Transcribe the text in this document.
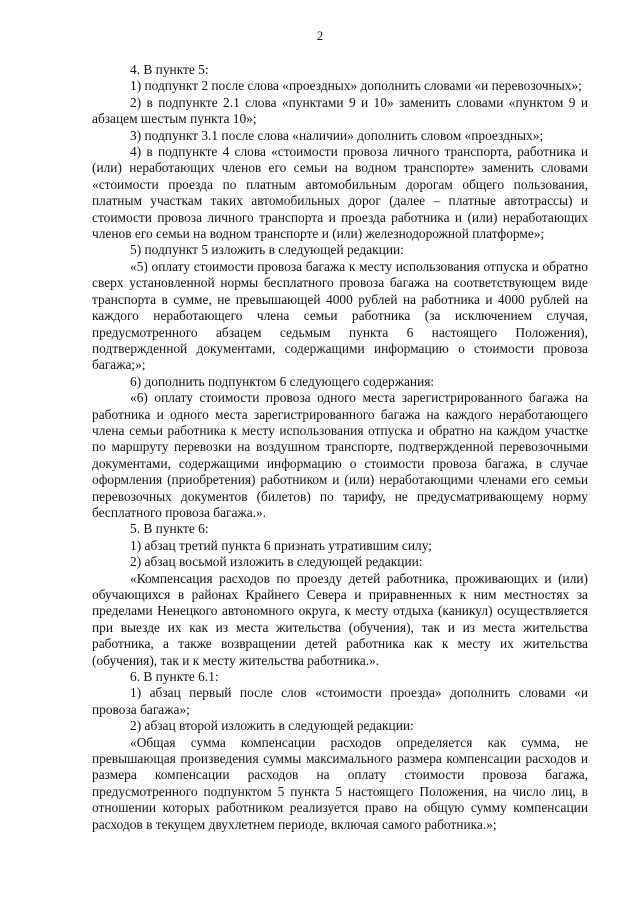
2

4. В пункте 5:

1) подпункт 2 после слова «проездных» дополнить словами «и перевозочных»;

2) в подпункте 2.1 слова «пунктами 9 и 10» заменить словами «пунктом 9 и абзацем шестым пункта 10»;

3) подпункт 3.1 после слова «наличии» дополнить словом «проездных»;

4) в подпункте 4 слова «стоимости провоза личного транспорта, работника и (или) неработающих членов его семьи на водном транспорте» заменить словами «стоимости проезда по платным автомобильным дорогам общего пользования, платным участкам таких автомобильных дорог (далее – платные автотрассы) и стоимости провоза личного транспорта и проезда работника и (или) неработающих членов его семьи на водном транспорте и (или) железнодорожной платформе»;

5) подпункт 5 изложить в следующей редакции:

«5) оплату стоимости провоза багажа к месту использования отпуска и обратно сверх установленной нормы бесплатного провоза багажа на соответствующем виде транспорта в сумме, не превышающей 4000 рублей на работника и 4000 рублей на каждого неработающего члена семьи работника (за исключением случая, предусмотренного абзацем седьмым пункта 6 настоящего Положения), подтвержденной документами, содержащими информацию о стоимости провоза багажа;»;

6) дополнить подпунктом 6 следующего содержания:

«6) оплату стоимости провоза одного места зарегистрированного багажа на работника и одного места зарегистрированного багажа на каждого неработающего члена семьи работника к месту использования отпуска и обратно на каждом участке по маршруту перевозки на воздушном транспорте, подтвержденной перевозочными документами, содержащими информацию о стоимости провоза багажа, в случае оформления (приобретения) работником и (или) неработающими членами его семьи перевозочных документов (билетов) по тарифу, не предусматривающему норму бесплатного провоза багажа.».

5. В пункте 6:

1) абзац третий пункта 6 признать утратившим силу;

2) абзац восьмой изложить в следующей редакции:

«Компенсация расходов по проезду детей работника, проживающих и (или) обучающихся в районах Крайнего Севера и приравненных к ним местностях за пределами Ненецкого автономного округа, к месту отдыха (каникул) осуществляется при выезде их как из места жительства (обучения), так и из места жительства работника, а также возвращении детей работника как к месту их жительства (обучения), так и к месту жительства работника.».

6. В пункте 6.1:

1) абзац первый после слов «стоимости проезда» дополнить словами «и провоза багажа»;

2) абзац второй изложить в следующей редакции:

«Общая сумма компенсации расходов определяется как сумма, не превышающая произведения суммы максимального размера компенсации расходов и размера компенсации расходов на оплату стоимости провоза багажа, предусмотренного подпунктом 5 пункта 5 настоящего Положения, на число лиц, в отношении которых работником реализуется право на общую сумму компенсации расходов в текущем двухлетнем периоде, включая самого работника.»;
